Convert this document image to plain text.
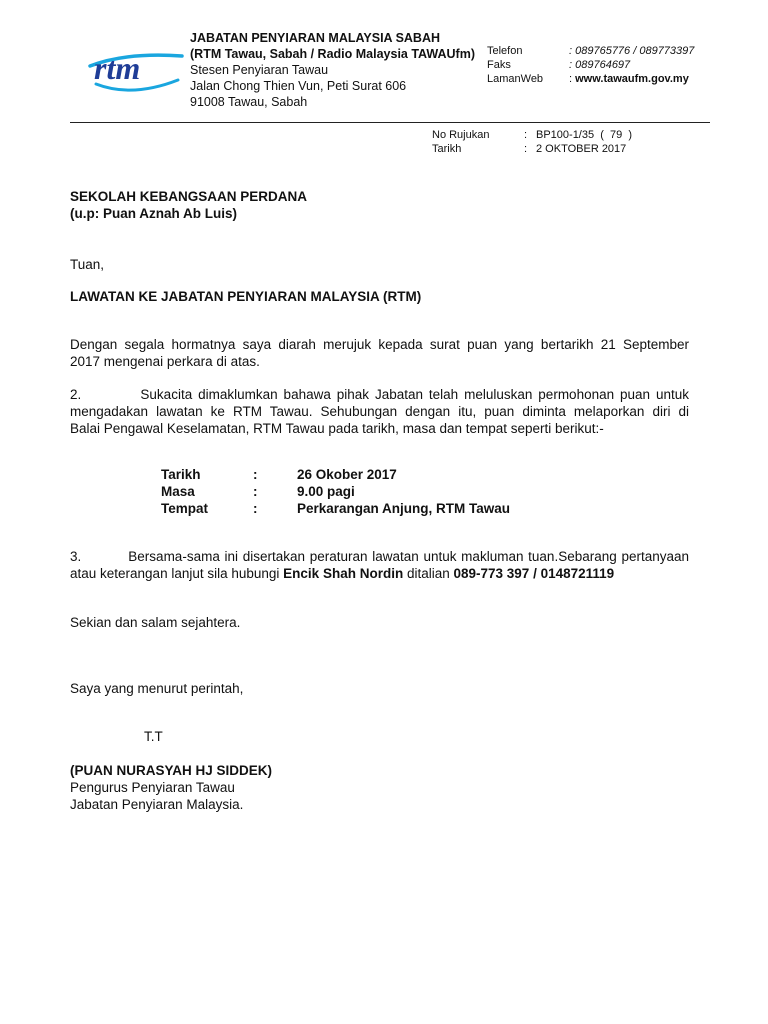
rtm
JABATAN PENYIARAN MALAYSIA SABAH
(RTM Tawau, Sabah / Radio Malaysia TAWAUfm)
Stesen Penyiaran Tawau
Jalan Chong Thien Vun, Peti Surat 606
91008 Tawau, Sabah
Telefon	: 089765776 / 089773397
Faks	: 089764697
LamanWeb	: www.tawaufm.gov.my
No Rujukan	: BP100-1/35  (  79  )
Tarikh	: 2 OKTOBER 2017
SEKOLAH KEBANGSAAN PERDANA
(u.p: Puan Aznah Ab Luis)
Tuan,
LAWATAN KE JABATAN PENYIARAN MALAYSIA (RTM)
Dengan segala hormatnya saya diarah merujuk kepada surat puan yang bertarikh 21 September
2017 mengenai perkara di atas.
2.          Sukacita dimaklumkan bahawa pihak Jabatan telah meluluskan permohonan puan untuk
mengadakan lawatan ke RTM Tawau. Sehubungan dengan itu, puan diminta melaporkan diri di
Balai Pengawal Keselamatan, RTM Tawau pada tarikh, masa dan tempat seperti berikut:-
Tarikh	:	26 Okober 2017
Masa	:	9.00 pagi
Tempat	:	Perkarangan Anjung, RTM Tawau
3.          Bersama-sama ini disertakan peraturan lawatan untuk makluman tuan.Sebarang pertanyaan
atau keterangan lanjut sila hubungi Encik Shah Nordin ditalian 089-773 397 / 0148721119
Sekian dan salam sejahtera.
Saya yang menurut perintah,
T.T
(PUAN NURASYAH HJ SIDDEK)
Pengurus Penyiaran Tawau
Jabatan Penyiaran Malaysia.
